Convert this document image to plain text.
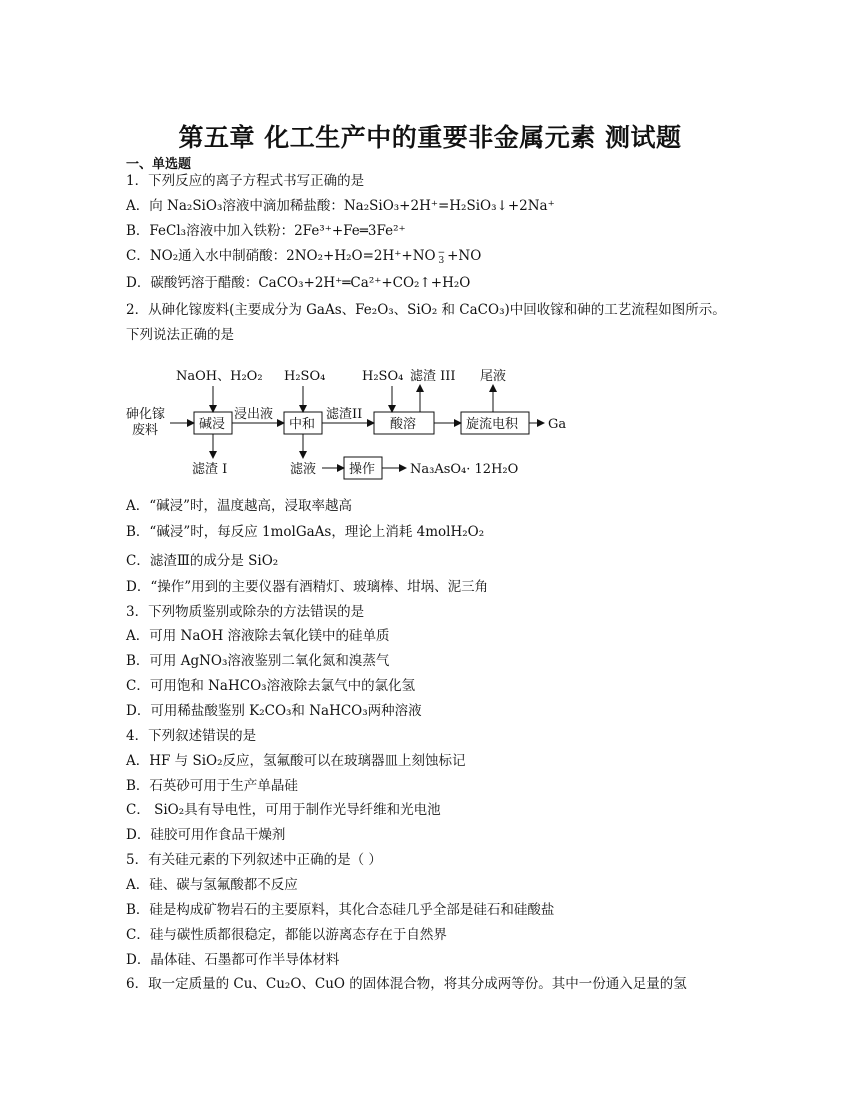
第五章 化工生产中的重要非金属元素 测试题
一、单选题
1．下列反应的离子方程式书写正确的是
A．向 Na₂SiO₃溶液中滴加稀盐酸：Na₂SiO₃+2H⁺=H₂SiO₃↓+2Na⁺
B．FeCl₃溶液中加入铁粉：2Fe³⁺+Fe═3Fe²⁺
C．NO₂通入水中制硝酸：2NO₂+H₂O=2H⁺+NO −
3 +NO
D．碳酸钙溶于醋酸：CaCO₃+2H⁺═Ca²⁺+CO₂↑+H₂O
2．从砷化镓废料(主要成分为 GaAs、Fe₂O₃、SiO₂ 和 CaCO₃)中回收镓和砷的工艺流程如图所示。
下列说法正确的是
NaOH、H₂O₂ H₂SO₄	H₂SO₄ 滤渣 III 尾液
砷化镓
废料	碱浸
浸出液
中和
滤渣II
酸溶	旋流电积 Ga
滤渣 I	滤液	操作	Na₃AsO₄· 12H₂O
A．“碱浸”时，温度越高，浸取率越高
B．“碱浸”时，每反应 1molGaAs，理论上消耗 4molH₂O₂
C．滤渣Ⅲ的成分是 SiO₂
D．“操作”用到的主要仪器有酒精灯、玻璃棒、坩埚、泥三角
3．下列物质鉴别或除杂的方法错误的是
A．可用 NaOH 溶液除去氧化镁中的硅单质
B．可用 AgNO₃溶液鉴别二氧化氮和溴蒸气
C．可用饱和 NaHCO₃溶液除去氯气中的氯化氢
D．可用稀盐酸鉴别 K₂CO₃和 NaHCO₃两种溶液
4．下列叙述错误的是
A．HF 与 SiO₂反应，氢氟酸可以在玻璃器皿上刻蚀标记
B．石英砂可用于生产单晶硅
C． SiO₂具有导电性，可用于制作光导纤维和光电池
D．硅胶可用作食品干燥剂
5．有关硅元素的下列叙述中正确的是（ ）
A．硅、碳与氢氟酸都不反应
B．硅是构成矿物岩石的主要原料，其化合态硅几乎全部是硅石和硅酸盐
C．硅与碳性质都很稳定，都能以游离态存在于自然界
D．晶体硅、石墨都可作半导体材料
6．取一定质量的 Cu、Cu₂O、CuO 的固体混合物，将其分成两等份。其中一份通入足量的氢
